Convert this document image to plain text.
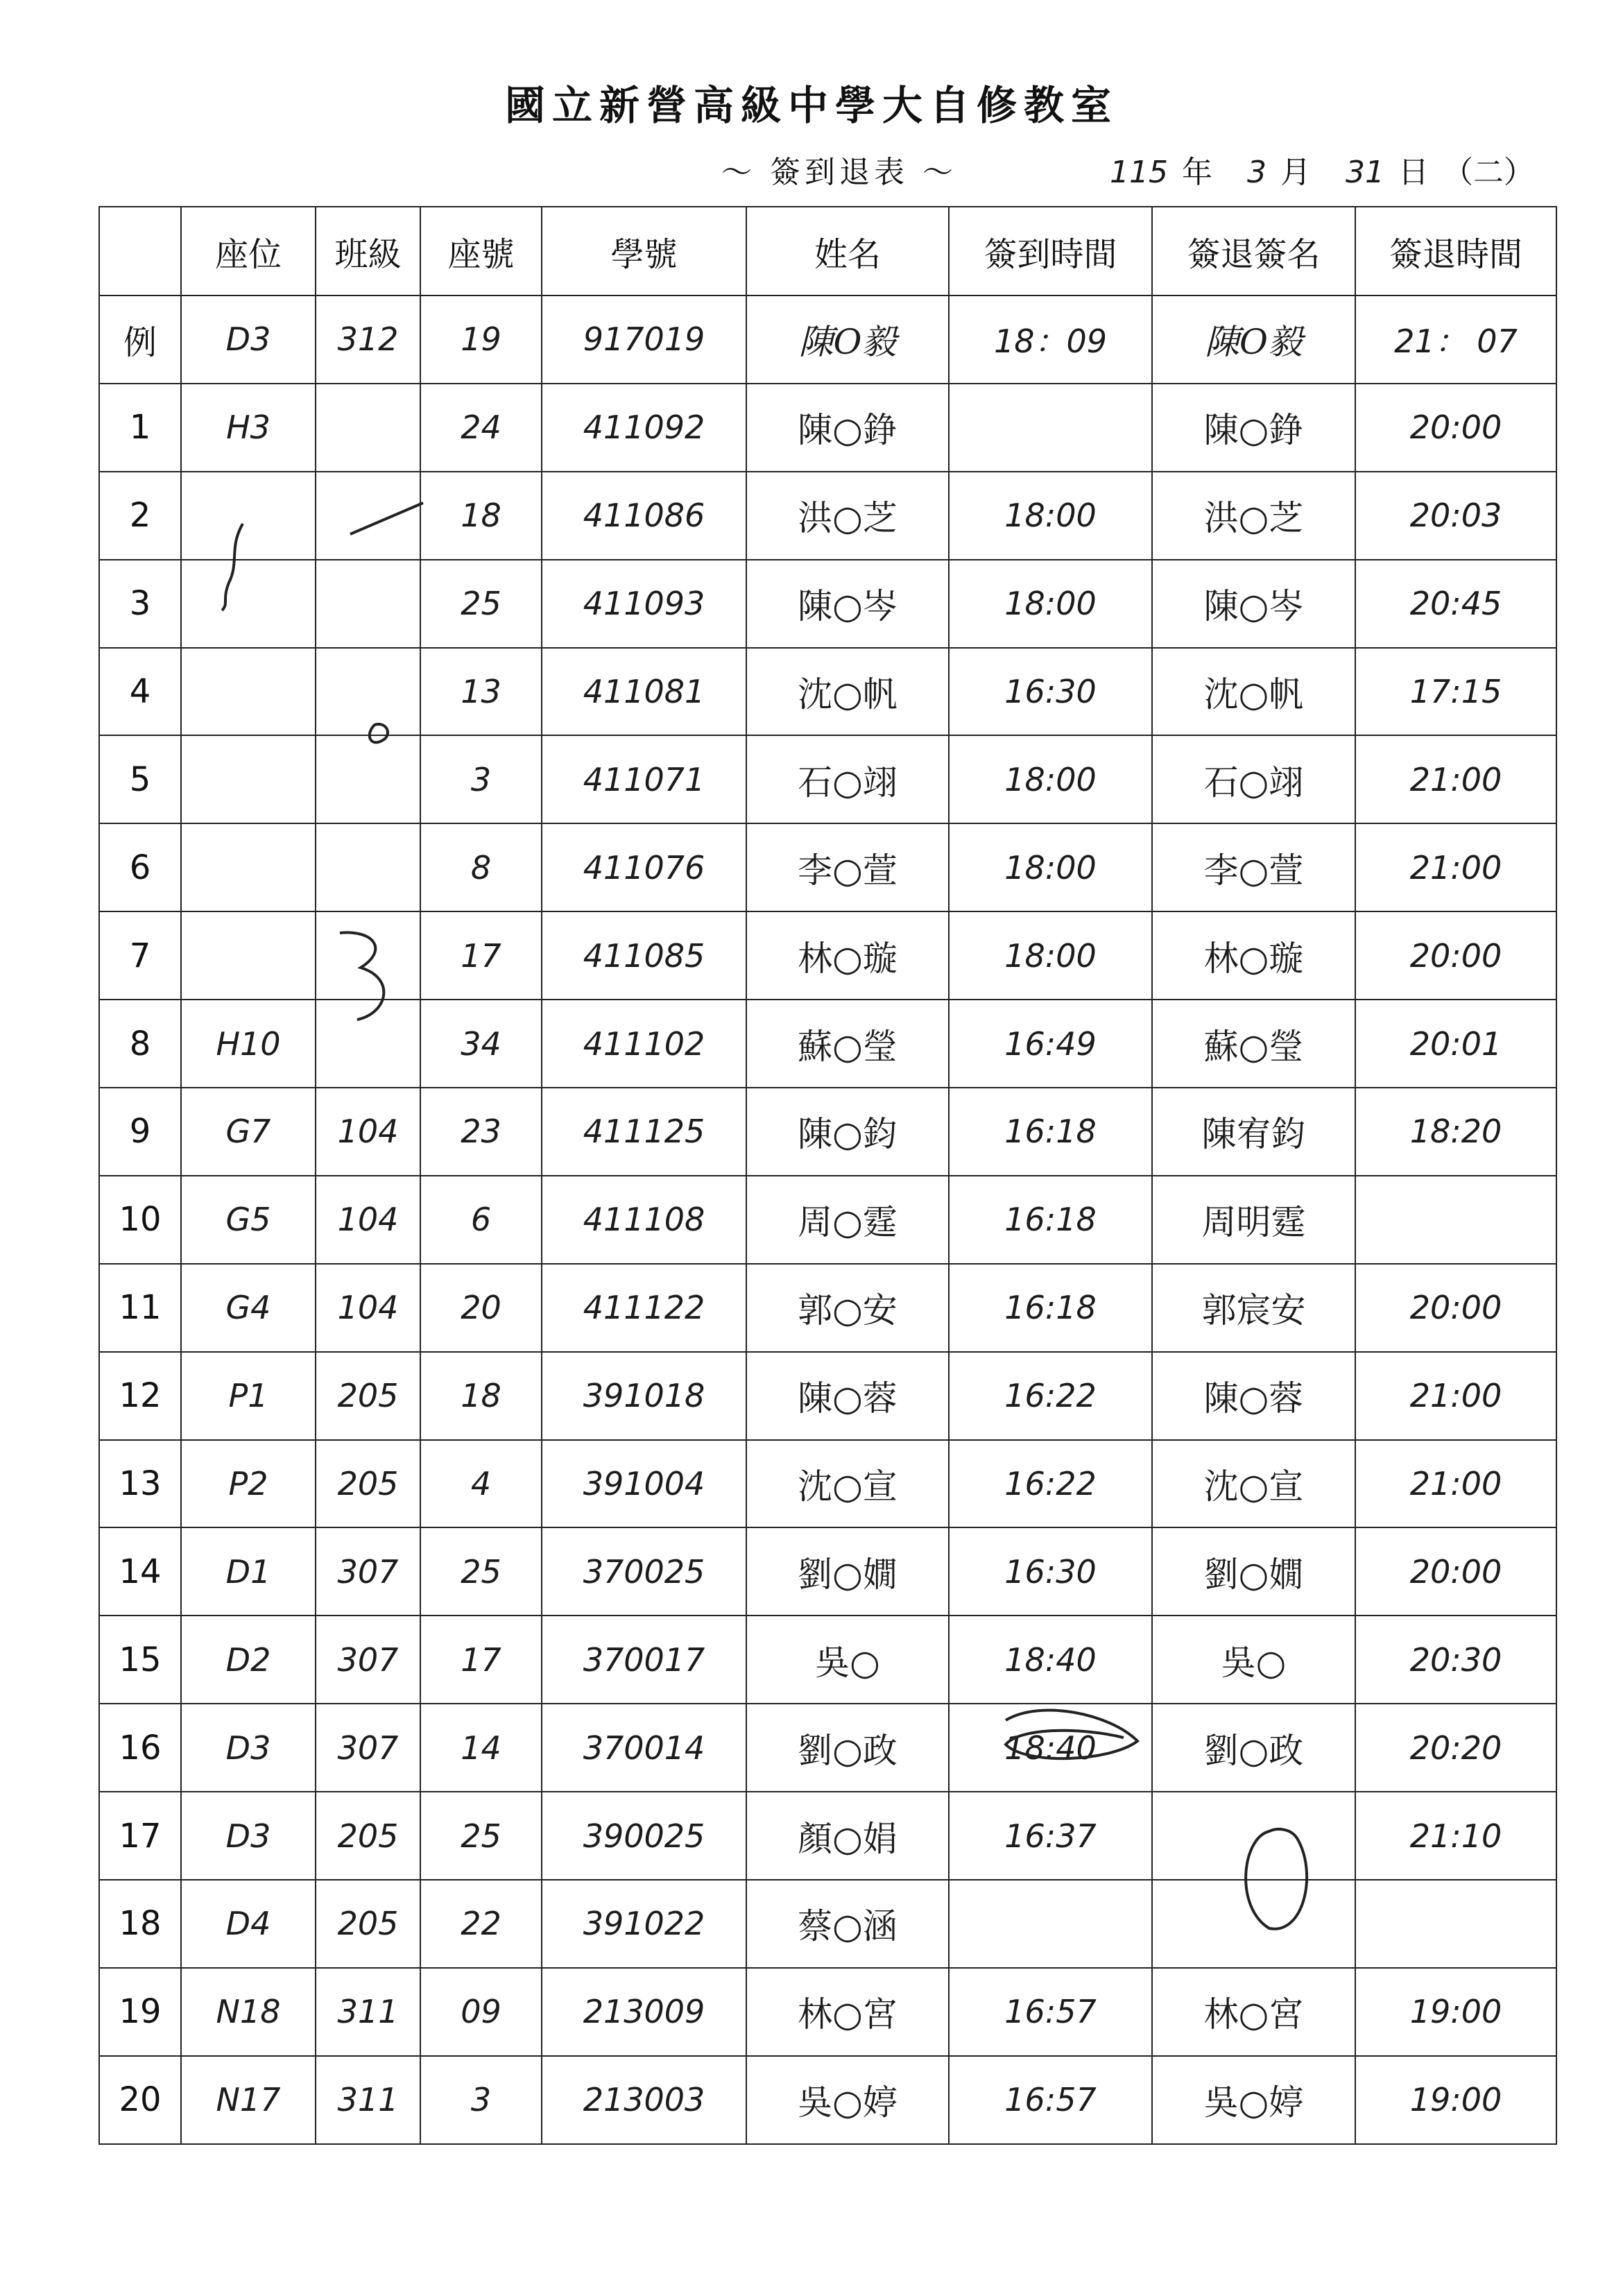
國立新營高級中學大自修教室
～ 簽到退表 ～	115 年 3 月 31 日 （二）
	座位	班級	座號	學號	姓名	簽到時間	簽退簽名	簽退時間
例	D3	312	19	917019	陳O毅	18：09	陳O毅	21： 07
1	H3		24	411092	陳○錚		陳○錚	20:00
2			18	411086	洪○芝	18:00	洪○芝	20:03
3			25	411093	陳○岑	18:00	陳○岑	20:45
4			13	411081	沈○帆	16:30	沈○帆	17:15
5			3	411071	石○翊	18:00	石○翊	21:00
6			8	411076	李○萱	18:00	李○萱	21:00
7			17	411085	林○璇	18:00	林○璇	20:00
8	H10		34	411102	蘇○瑩	16:49	蘇○瑩	20:01
9	G7	104	23	411125	陳○鈞	16:18	陳宥鈞	18:20
10	G5	104	6	411108	周○霆	16:18	周明霆	
11	G4	104	20	411122	郭○安	16:18	郭宸安	20:00
12	P1	205	18	391018	陳○蓉	16:22	陳○蓉	21:00
13	P2	205	4	391004	沈○宣	16:22	沈○宣	21:00
14	D1	307	25	370025	劉○嫺	16:30	劉○嫺	20:00
15	D2	307	17	370017	吳○	18:40	吳○	20:30
16	D3	307	14	370014	劉○政	18:40	劉○政	20:20
17	D3	205	25	390025	顏○娟	16:37		21:10
18	D4	205	22	391022	蔡○涵			
19	N18	311	09	213009	林○宮	16:57	林○宮	19:00
20	N17	311	3	213003	吳○婷	16:57	吳○婷	19:00
